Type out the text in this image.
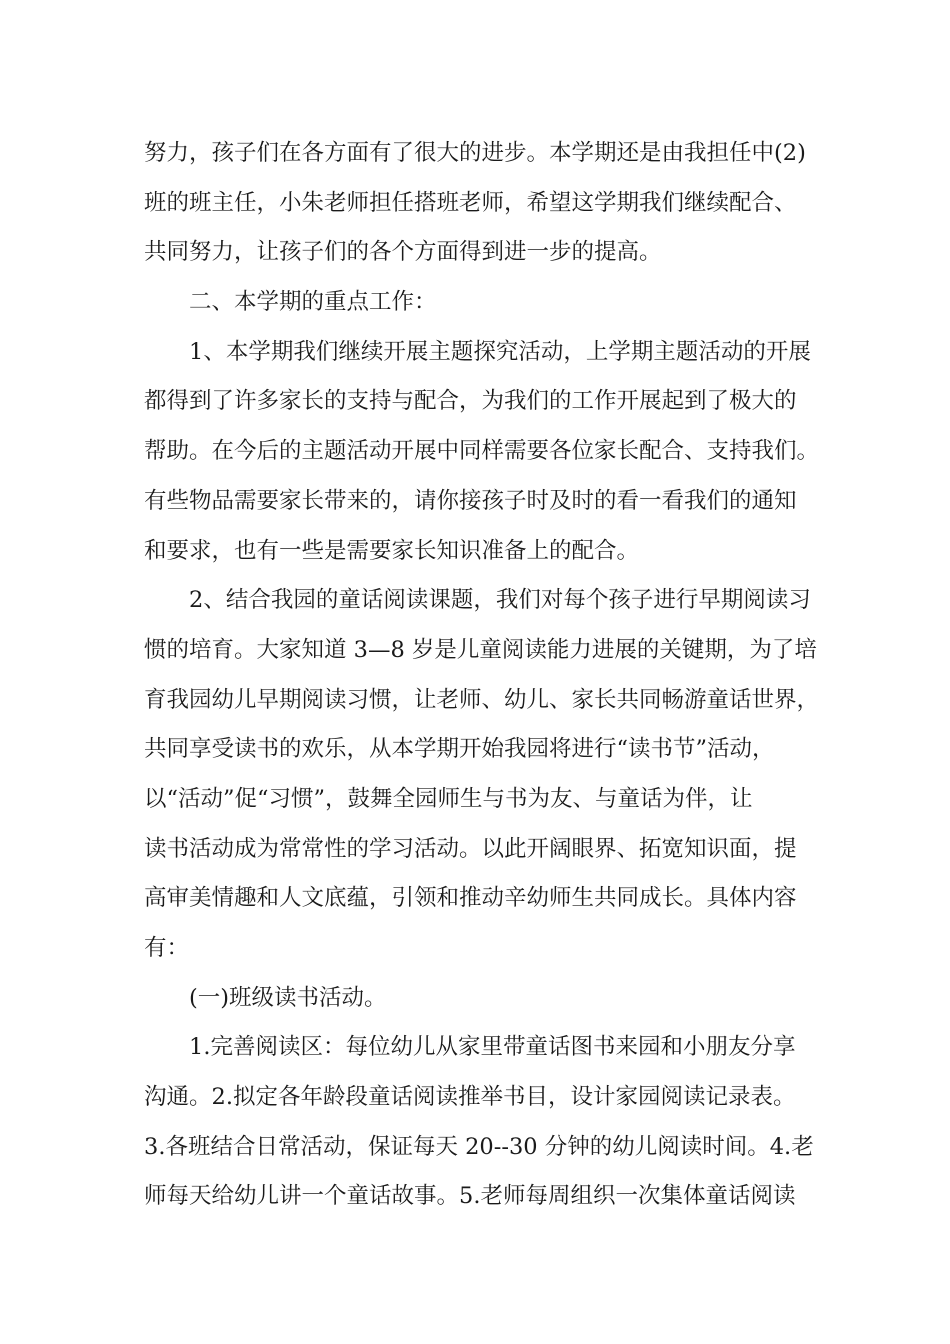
努力，孩子们在各方面有了很大的进步。本学期还是由我担任中(2)
班的班主任，小朱老师担任搭班老师，希望这学期我们继续配合、
共同努力，让孩子们的各个方面得到进一步的提高。
二、本学期的重点工作：
1、本学期我们继续开展主题探究活动，上学期主题活动的开展
都得到了许多家长的支持与配合，为我们的工作开展起到了极大的
帮助。在今后的主题活动开展中同样需要各位家长配合、支持我们。
有些物品需要家长带来的，请你接孩子时及时的看一看我们的通知
和要求，也有一些是需要家长知识准备上的配合。
2、结合我园的童话阅读课题，我们对每个孩子进行早期阅读习
惯的培育。大家知道 3—8 岁是儿童阅读能力进展的关键期，为了培
育我园幼儿早期阅读习惯，让老师、幼儿、家长共同畅游童话世界，
共同享受读书的欢乐，从本学期开始我园将进行“读书节”活动，
以“活动”促“习惯”，鼓舞全园师生与书为友、与童话为伴，让
读书活动成为常常性的学习活动。以此开阔眼界、拓宽知识面，提
高审美情趣和人文底蕴，引领和推动辛幼师生共同成长。具体内容
有：
(一)班级读书活动。
1.完善阅读区：每位幼儿从家里带童话图书来园和小朋友分享
沟通。2.拟定各年龄段童话阅读推举书目，设计家园阅读记录表。
3.各班结合日常活动，保证每天 20--30 分钟的幼儿阅读时间。4.老
师每天给幼儿讲一个童话故事。5.老师每周组织一次集体童话阅读
